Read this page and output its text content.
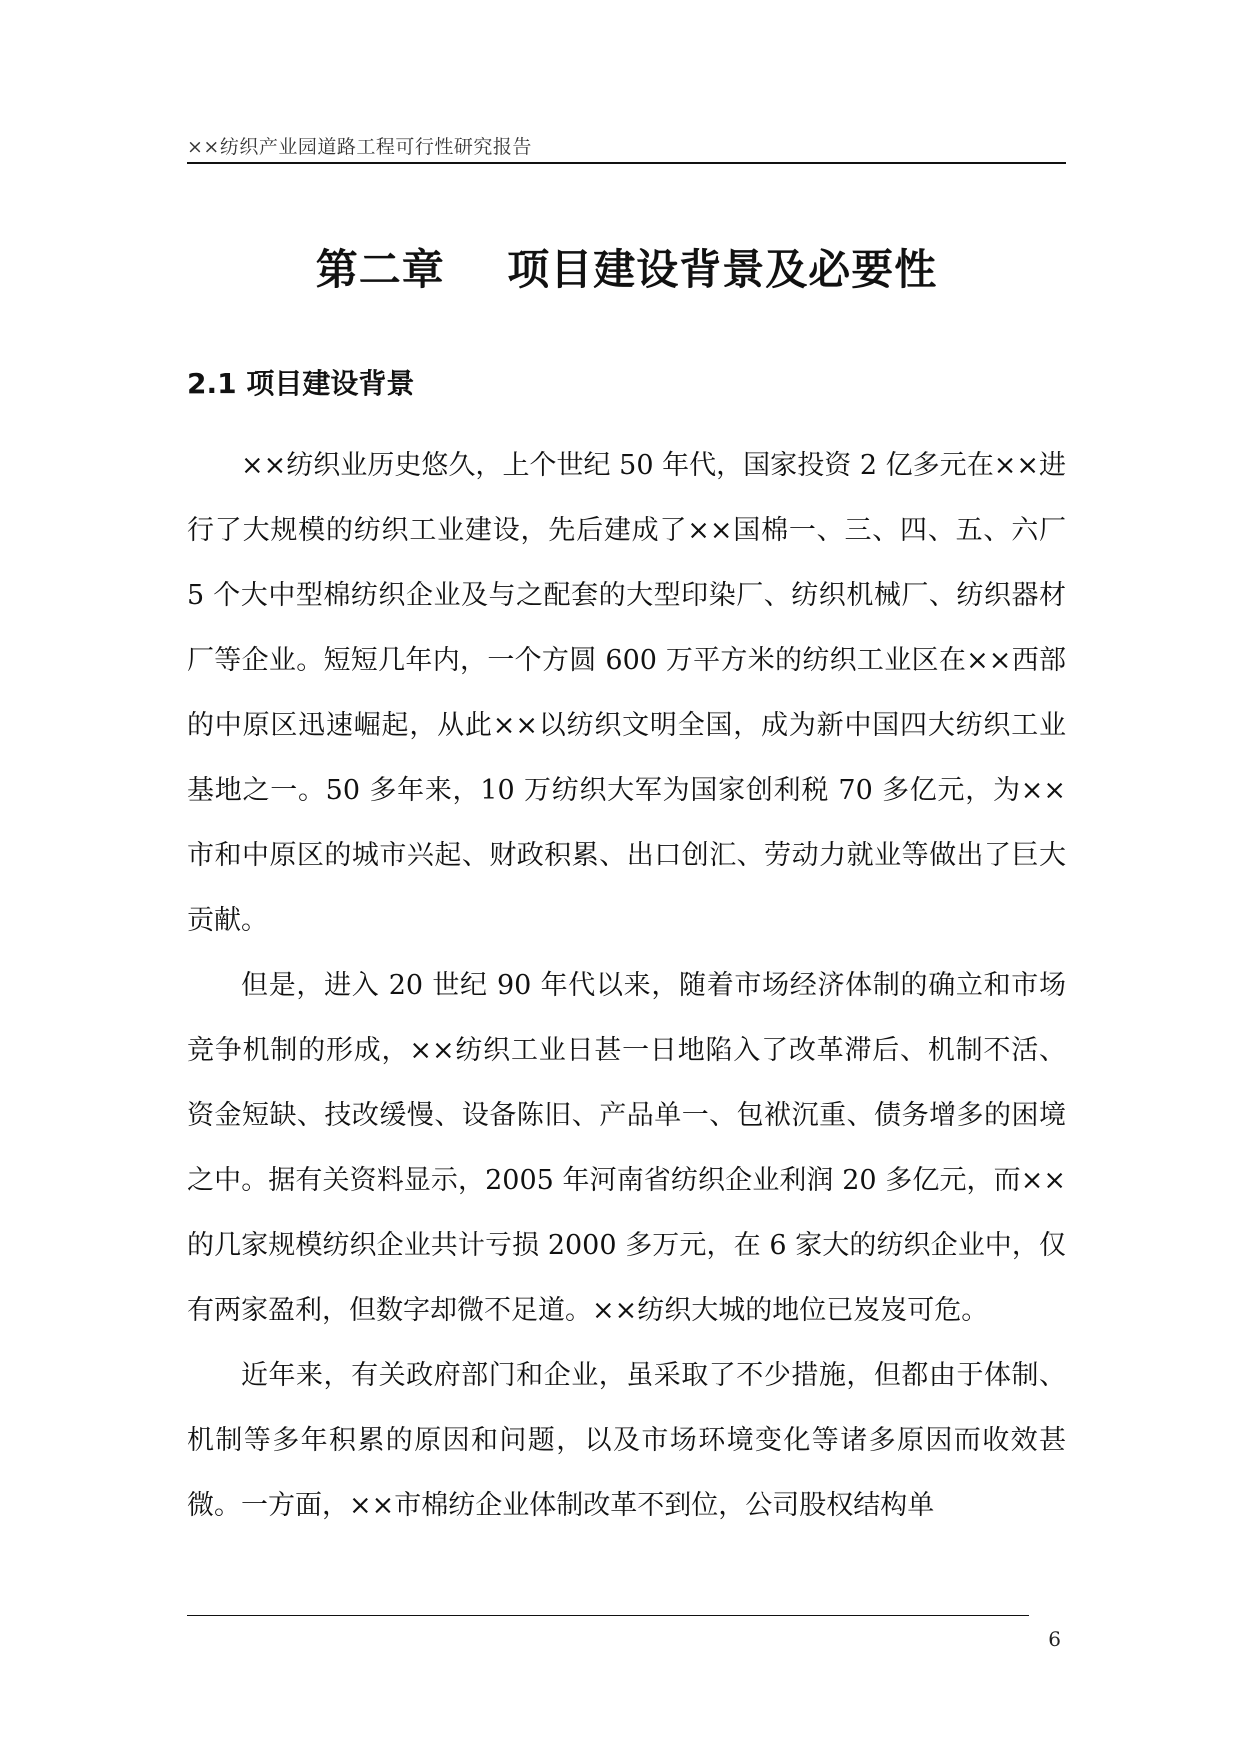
××纺织产业园道路工程可行性研究报告
第二章    项目建设背景及必要性
2.1 项目建设背景

××纺织业历史悠久，上个世纪 50 年代，国家投资 2 亿多元在××进行了大规模的纺织工业建设，先后建成了××国棉一、三、四、五、六厂 5 个大中型棉纺织企业及与之配套的大型印染厂、纺织机械厂、纺织器材厂等企业。短短几年内，一个方圆 600 万平方米的纺织工业区在××西部的中原区迅速崛起，从此××以纺织文明全国，成为新中国四大纺织工业基地之一。50 多年来，10 万纺织大军为国家创利税 70 多亿元，为××市和中原区的城市兴起、财政积累、出口创汇、劳动力就业等做出了巨大贡献。

但是，进入 20 世纪 90 年代以来，随着市场经济体制的确立和市场竞争机制的形成，××纺织工业日甚一日地陷入了改革滞后、机制不活、资金短缺、技改缓慢、设备陈旧、产品单一、包袱沉重、债务增多的困境之中。据有关资料显示，2005 年河南省纺织企业利润 20 多亿元，而××的几家规模纺织企业共计亏损 2000 多万元，在 6 家大的纺织企业中，仅有两家盈利，但数字却微不足道。××纺织大城的地位已岌岌可危。

近年来，有关政府部门和企业，虽采取了不少措施，但都由于体制、机制等多年积累的原因和问题，以及市场环境变化等诸多原因而收效甚微。一方面，××市棉纺企业体制改革不到位，公司股权结构单

6
